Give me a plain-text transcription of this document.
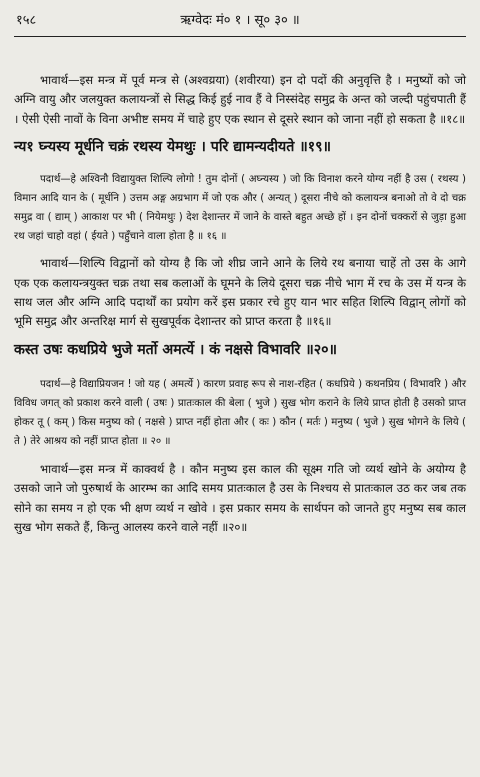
१५८	ऋग्वेदः मं० १ । सू० ३० ॥

भावार्थ—इस मन्त्र में पूर्व मन्त्र से (अश्वय्रया) (शवीरया) इन दो पदों की अनुवृत्ति है । मनुष्यों को जो अग्नि वायु और जलयुक्त कलायन्त्रों से सिद्ध किई हुई नाव हैं वे निस्संदेह समुद्र के अन्त को जल्दी पहुंचपाती हैं । ऐसी ऐसी नावों के विना अभीष्ट समय में चाहे हुए एक स्थान से दूसरे स्थान को जाना नहीं हो सकता है ॥१८॥

न्य१ घ्न्यस्य मूर्धनि चक्रं रथस्य येमथुः । परि द्यामन्यदीयते ॥१९॥

पदार्थ—हे अश्विनौ विद्यायुक्त शिल्पि लोगो ! तुम दोनों ( अघ्न्यस्य ) जो कि विनाश करने योग्य नहीं है उस ( रथस्य ) विमान आदि यान के ( मूर्धनि ) उत्तम अङ्ग अग्रभाग में जो एक और ( अन्यत् ) दूसरा नीचे को कलायन्त्र बनाओ तो वे दो चक्र समुद्र वा ( द्याम् ) आकाश पर भी ( नियेमथुः ) देश देशान्तर में जाने के वास्ते बहुत अच्छे हों । इन दोनों चक्करों से जुड़ा हुआ रथ जहां चाहो वहां ( ईयते ) पहुँचाने वाला होता है ॥ १६ ॥

भावार्थ—शिल्पि विद्वानों को योग्य है कि जो शीघ्र जाने आने के लिये रथ बनाया चाहें तो उस के आगे एक एक कलायन्त्रयुक्त चक्र तथा सब कलाओं के घूमने के लिये दूसरा चक्र नीचे भाग में रच के उस में यन्त्र के साथ जल और अग्नि आदि पदार्थों का प्रयोग करें इस प्रकार रचे हुए यान भार सहित शिल्पि विद्वान् लोगों को भूमि समुद्र और अन्तरिक्ष मार्ग से सुखपूर्वक देशान्तर को प्राप्त करता है ॥१६॥

कस्त उषः कधप्रिये भुजे मर्तो अमर्त्ये । कं नक्षसे विभावरि ॥२०॥

पदार्थ—हे विद्याप्रियजन ! जो यह ( अमर्त्ये ) कारण प्रवाह रूप से नाश-रहित ( कधप्रिये ) कथनप्रिय ( विभावरि ) और विविध जगत् को प्रकाश करने वाली ( उषः ) प्रातःकाल की बेला ( भुजे ) सुख भोग कराने के लिये प्राप्त होती है उसको प्राप्त होकर तू ( कम् ) किस मनुष्य को ( नक्षसे ) प्राप्त नहीं होता और ( कः ) कौन ( मर्तः ) मनुष्य ( भुजे ) सुख भोगने के लिये ( ते ) तेरे आश्रय को नहीं प्राप्त होता ॥ २० ॥

भावार्थ—इस मन्त्र में काक्वर्थ है । कौन मनुष्य इस काल की सूक्ष्म गति जो व्यर्थ खोने के अयोग्य है उसको जाने जो पुरुषार्थ के आरम्भ का आदि समय प्रातःकाल है उस के निश्चय से प्रातःकाल उठ कर जब तक सोने का समय न हो एक भी क्षण व्यर्थ न खोवे । इस प्रकार समय के सार्थपन को जानते हुए मनुष्य सब काल सुख भोग सकते हैं, किन्तु आलस्य करने वाले नहीं ॥२०॥
